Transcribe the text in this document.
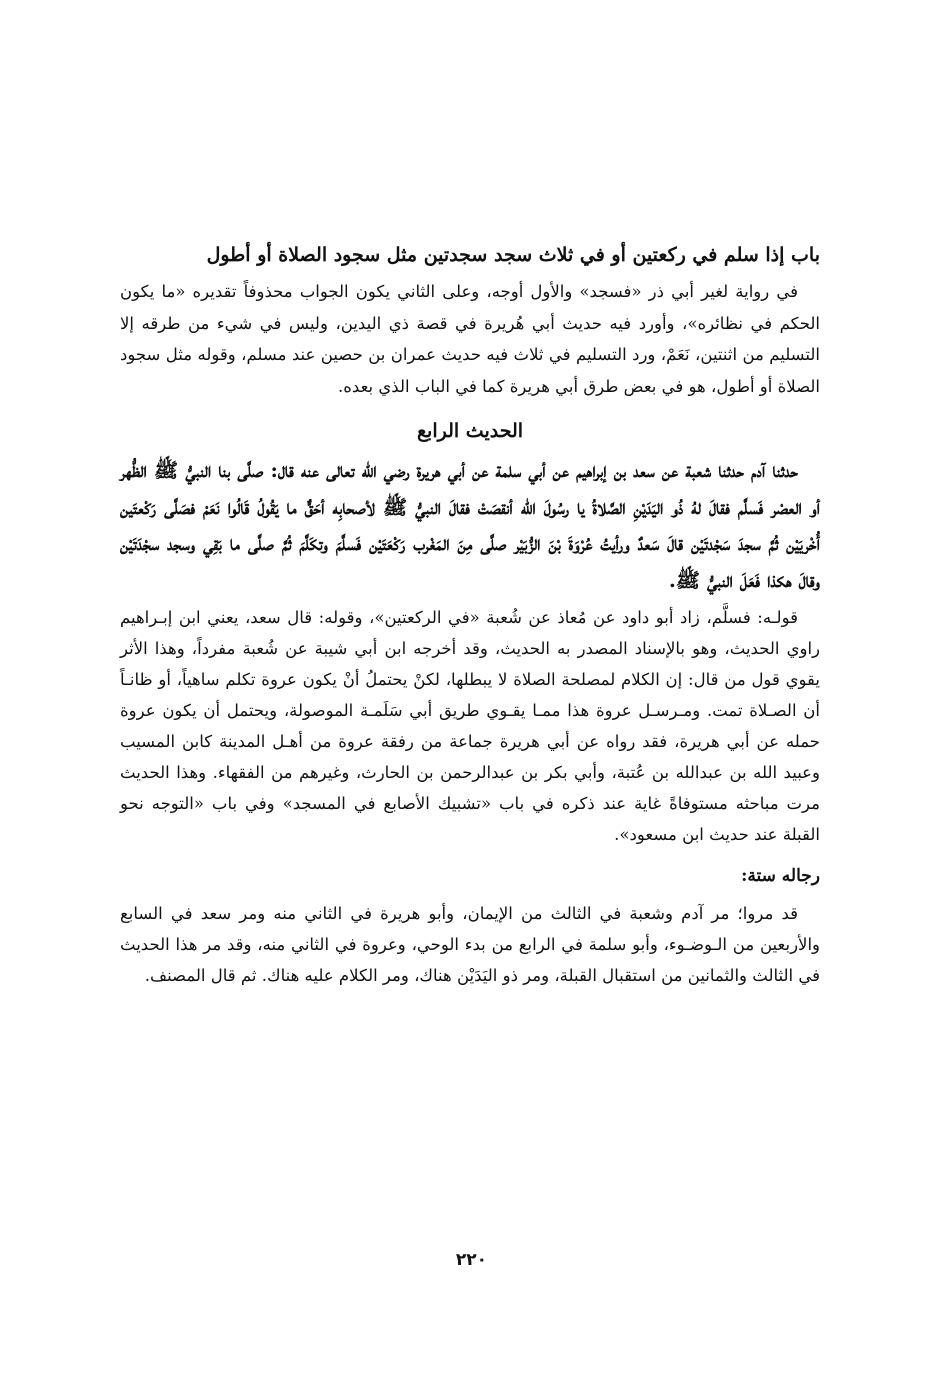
باب إذا سلم في ركعتين أو في ثلاث سجد سجدتين مثل سجود الصلاة أو أطول

في رواية لغير أبي ذر «فسجد» والأول أوجه، وعلى الثاني يكون الجواب محذوفاً تقديره «ما يكون الحكم في نظائره»، وأورد فيه حديث أبي هُريرة في قصة ذي اليدين، وليس في شيء من طرقه إلا التسليم من اثنتين، نَعَمْ، ورد التسليم في ثلاث فيه حديث عمران بن حصين عند مسلم، وقوله مثل سجود الصلاة أو أطول، هو في بعض طرق أبي هريرة كما في الباب الذي بعده.

الحديث الرابع

حدثنا آدم حدثنا شعبة عن سعد بن إبراهيم عن أبي سلمة عن أبي هريرة رضي الله تعالى عنه قال: صلَّى بنا النبيُّ ﷺ الظُّهر أو العصْر فَسلَّم فقالَ لهُ ذُو اليَدَيْنِ الصَّلاةُ يا رسُولَ الله أنقصَتْ فقالَ النبيُّ ﷺ لأصحابِه أحَقٌّ ما يَقُولُ قَالُوا نَعَمْ فصَلَّى رَكْعتَين أُخْريَيْن ثُمَّ سجدَ سَجْدتَيْن قالَ سَعدٌ ورأيتُ عُرْوَةَ بْنَ الزُّبَيْر صلَّى مِنَ المَغْرب رَكْعَتَيْن فَسلَّمَ وتكَلَّمَ ثُمَّ صلَّى ما بَقِي وسجد سجْدَتَيْن وقالَ هكذا فَعَلَ النبيُّ ﷺ.

قولـه: فسلَّم، زاد أبو داود عن مُعاذ عن شُعبة «في الركعتين»، وقوله: قال سعد، يعني ابن إبـراهيم راوي الحديث، وهو بالإسناد المصدر به الحديث، وقد أخرجه ابن أبي شيبة عن شُعبة مفرداً، وهذا الأثر يقوي قول من قال: إن الكلام لمصلحة الصلاة لا يبطلها، لكنْ يحتملُ أنْ يكون عروة تكلم ساهياً، أو ظانـاً أن الصـلاة تمت. ومـرسـل عروة هذا ممـا يقـوي طريق أبي سَلَمـة الموصولة، ويحتمل أن يكون عروة حمله عن أبي هريرة، فقد رواه عن أبي هريرة جماعة من رفقة عروة من أهـل المدينة كابن المسيب وعبيد الله بن عبدالله بن عُتبة، وأبي بكر بن عبدالرحمن بن الحارث، وغيرهم من الفقهاء. وهذا الحديث مرت مباحثه مستوفاةً غاية عند ذكره في باب «تشبيك الأصابع في المسجد» وفي باب «التوجه نحو القبلة عند حديث ابن مسعود».

رجاله ستة:

قد مروا؛ مر آدم وشعبة في الثالث من الإيمان، وأبو هريرة في الثاني منه ومر سعد في السابع والأربعين من الـوضـوء، وأبو سلمة في الرابع من بدء الوحي، وعروة في الثاني منه، وقد مر هذا الحديث في الثالث والثمانين من استقبال القبلة، ومر ذو اليَدَيْن هناك، ومر الكلام عليه هناك. ثم قال المصنف.

٢٢٠
